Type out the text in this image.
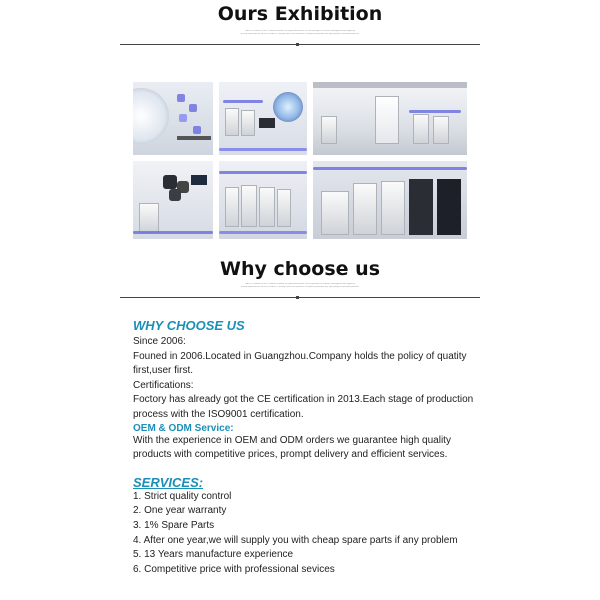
Ours Exhibition
PARKOO adheres to the Customer oriented, the good before profit, the first principle of scientific management and ingenuity
quality supervision on the use of PARKOO quality control and reference to improve production with high quality air treatment products
Why choose us
PARKOO adheres to the Customer oriented, the good before profit, the first principle of scientific management and ingenuity
quality supervision on the use of PARKOO quality control and reference to improve production with high quality air treatment products

WHY CHOOSE US

Since 2006:

Founed in 2006.Located in Guangzhou.Company holds the policy of quatity

first,user first.

Certifications:

Foctory has already got the CE certification in 2013.Each stage of production

process with the ISO9001 certification.

OEM & ODM Service:

With the experience in OEM and ODM orders we guarantee high quality

products with competitive prices, prompt delivery and efficient services.

SERVICES:

1. Strict quality control

2. One year warranty

3. 1% Spare Parts

4. After one year,we will supply you with cheap spare parts if any problem

5. 13 Years manufacture experience

6. Competitive price with professional sevices
